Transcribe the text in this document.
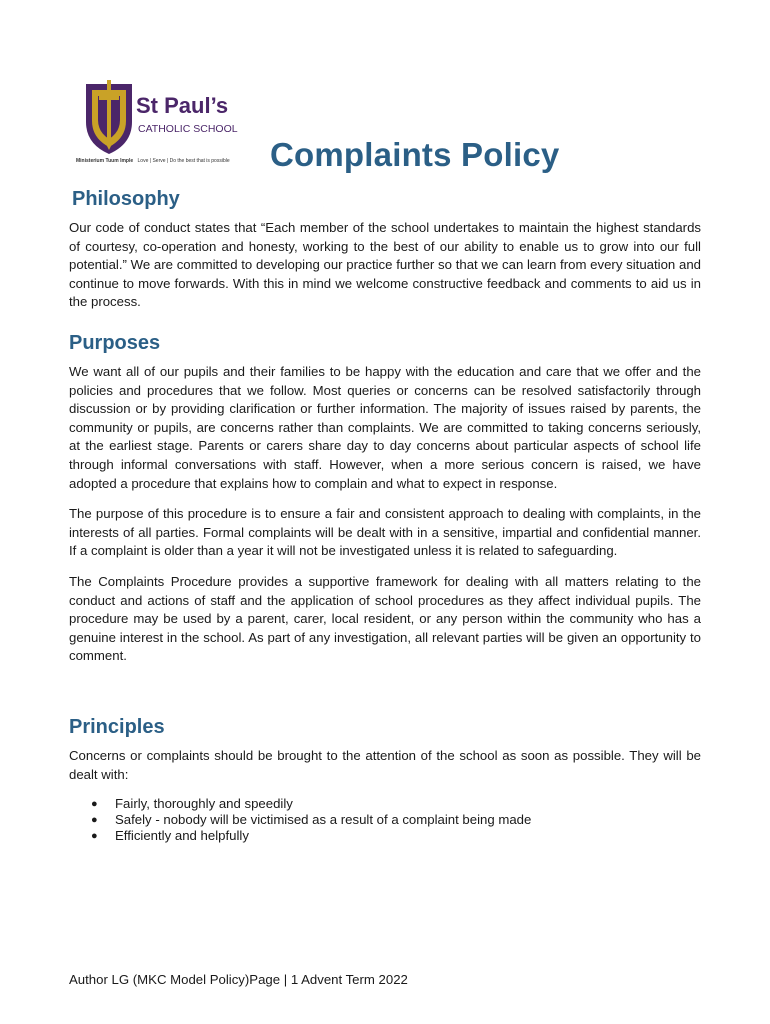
St Paul’s
CATHOLIC SCHOOL
Ministerium Tuum Imple Love | Serve | Do the best that is possible Complaints Policy
Philosophy

Our code of conduct states that “Each member of the school undertakes to maintain the highest standards of courtesy, co-operation and honesty, working to the best of our ability to enable us to grow into our full potential.” We are committed to developing our practice further so that we can learn from every situation and continue to move forwards. With this in mind we welcome constructive feedback and comments to aid us in the process.

Purposes

We want all of our pupils and their families to be happy with the education and care that we offer and the policies and procedures that we follow. Most queries or concerns can be resolved satisfactorily through discussion or by providing clarification or further information. The majority of issues raised by parents, the community or pupils, are concerns rather than complaints. We are committed to taking concerns seriously, at the earliest stage. Parents or carers share day to day concerns about particular aspects of school life through informal conversations with staff. However, when a more serious concern is raised, we have adopted a procedure that explains how to complain and what to expect in response.

The purpose of this procedure is to ensure a fair and consistent approach to dealing with complaints, in the interests of all parties. Formal complaints will be dealt with in a sensitive, impartial and confidential manner. If a complaint is older than a year it will not be investigated unless it is related to safeguarding.

The Complaints Procedure provides a supportive framework for dealing with all matters relating to the conduct and actions of staff and the application of school procedures as they affect individual pupils. The procedure may be used by a parent, carer, local resident, or any person within the community who has a genuine interest in the school. As part of any investigation, all relevant parties will be given an opportunity to comment.

Principles

Concerns or complaints should be brought to the attention of the school as soon as possible. They will be dealt with:

● Fairly, thoroughly and speedily
● Safely - nobody will be victimised as a result of a complaint being made
● Efficiently and helpfully
Author LG (MKC Model Policy)Page | 1 Advent Term 2022
